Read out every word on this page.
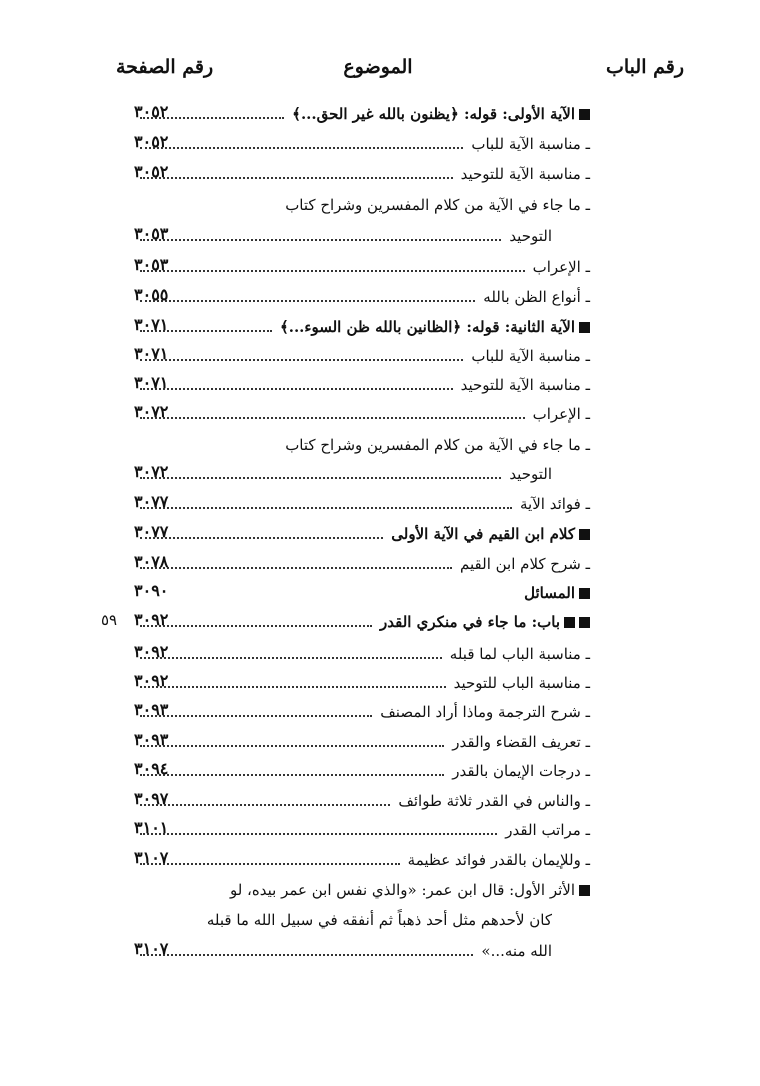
رقم الباب
الموضوع
رقم الصفحة
الآية الأولى: قوله: ﴿يظنون بالله غير الحق...﴾
٣٠٥٢
ـ مناسبة الآية للباب
٣٠٥٢
ـ مناسبة الآية للتوحيد
٣٠٥٢
ـ ما جاء في الآية من كلام المفسرين وشراح كتاب
التوحيد
٣٠٥٣
ـ الإعراب
٣٠٥٣
ـ أنواع الظن بالله
٣٠٥٥
الآية الثانية: قوله: ﴿الظانين بالله ظن السوء...﴾
٣٠٧١
ـ مناسبة الآية للباب
٣٠٧١
ـ مناسبة الآية للتوحيد
٣٠٧١
ـ الإعراب
٣٠٧٢
ـ ما جاء في الآية من كلام المفسرين وشراح كتاب
التوحيد
٣٠٧٢
ـ فوائد الآية
٣٠٧٧
كلام ابن القيم في الآية الأولى
٣٠٧٧
ـ شرح كلام ابن القيم
٣٠٧٨
المسائل
٣٠٩٠
٥٩	باب: ما جاء في منكري القدر
٣٠٩٢
ـ مناسبة الباب لما قبله
٣٠٩٢
ـ مناسبة الباب للتوحيد
٣٠٩٢
ـ شرح الترجمة وماذا أراد المصنف
٣٠٩٣
ـ تعريف القضاء والقدر
٣٠٩٣
ـ درجات الإيمان بالقدر
٣٠٩٤
ـ والناس في القدر ثلاثة طوائف
٣٠٩٧
ـ مراتب القدر
٣١٠١
ـ وللإيمان بالقدر فوائد عظيمة
٣١٠٧
الأثر الأول: قال ابن عمر: «والذي نفس ابن عمر بيده، لو
كان لأحدهم مثل أحد ذهباً ثم أنفقه في سبيل الله ما قبله
الله منه...»
٣١٠٧
